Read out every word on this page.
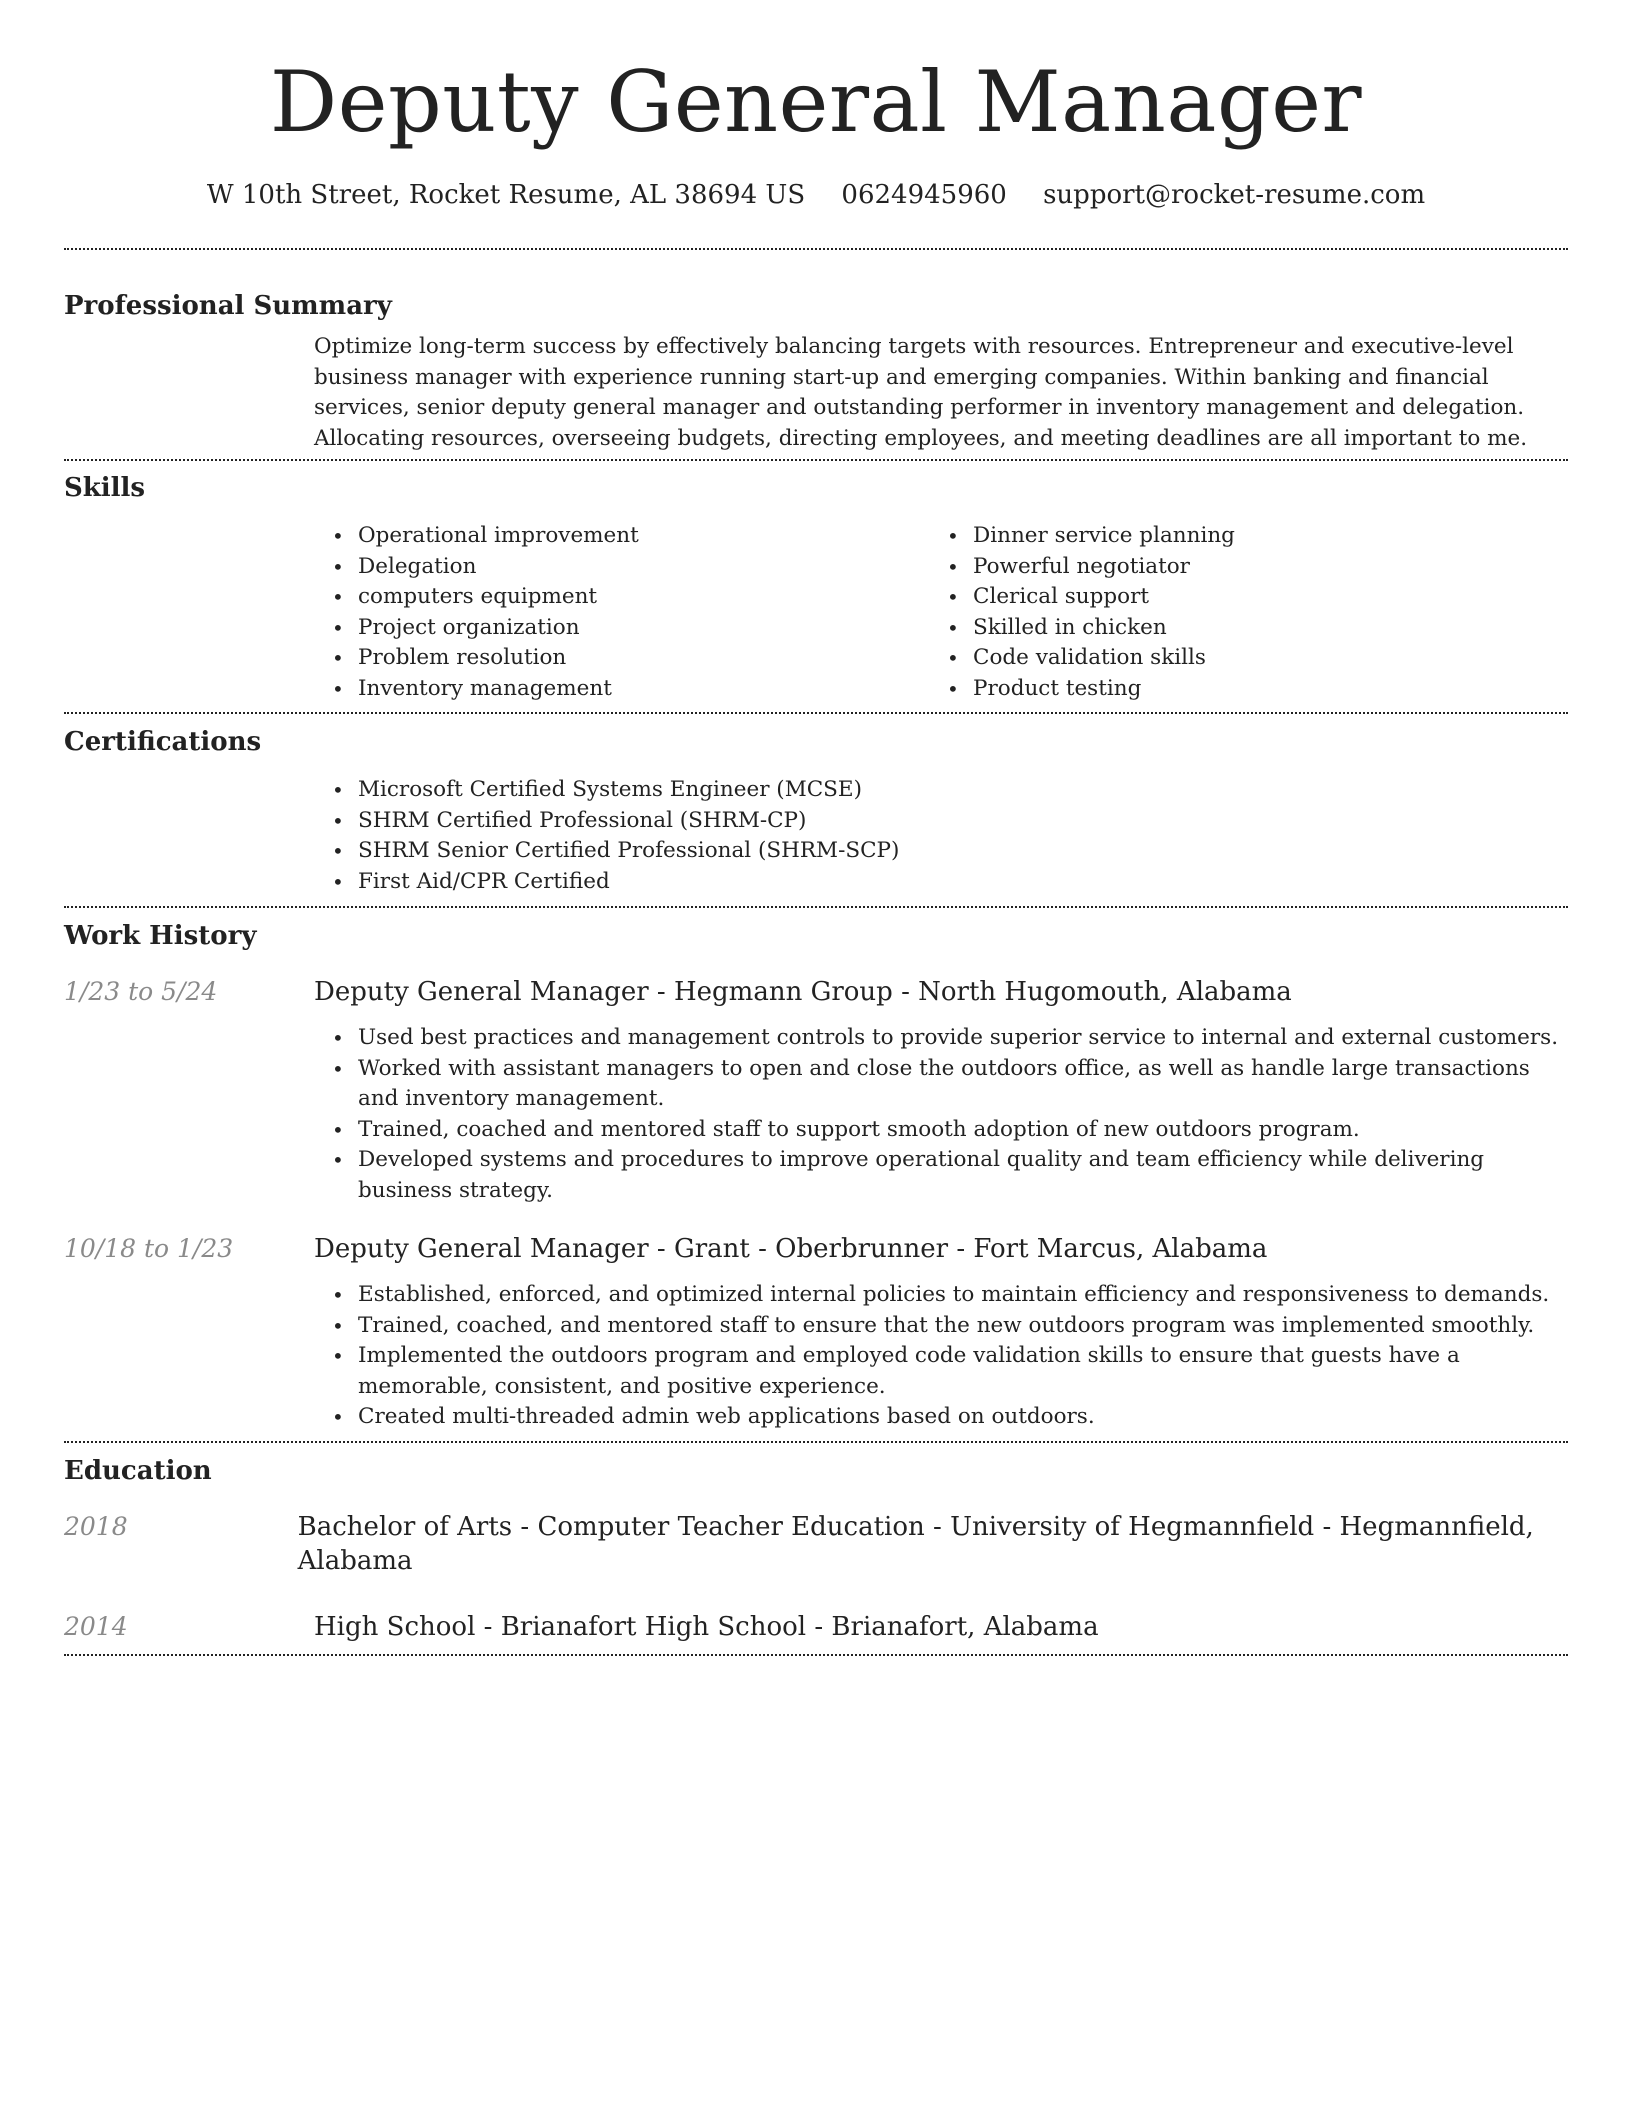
Deputy General Manager
W 10th Street, Rocket Resume, AL 38694 US 0624945960 support@rocket-resume.com
Professional Summary

Optimize long-term success by effectively balancing targets with resources. Entrepreneur and executive-level business manager with experience running start-up and emerging companies. Within banking and financial services, senior deputy general manager and outstanding performer in inventory management and delegation. Allocating resources, overseeing budgets, directing employees, and meeting deadlines are all important to me.

Skills
• Operational improvement
• Delegation
• computers equipment
• Project organization
• Problem resolution
• Inventory management
• Dinner service planning
• Powerful negotiator
• Clerical support
• Skilled in chicken
• Code validation skills
• Product testing
Certifications
• Microsoft Certified Systems Engineer (MCSE)
• SHRM Certified Professional (SHRM-CP)
• SHRM Senior Certified Professional (SHRM-SCP)
• First Aid/CPR Certified
Work History
1/23 to 5/24	Deputy General Manager - Hegmann Group - North Hugomouth, Alabama
• Used best practices and management controls to provide superior service to internal and external customers.
• Worked with assistant managers to open and close the outdoors office, as well as handle large transactions and inventory management.
• Trained, coached and mentored staff to support smooth adoption of new outdoors program.
• Developed systems and procedures to improve operational quality and team efficiency while delivering business strategy.
10/18 to 1/23	Deputy General Manager - Grant - Oberbrunner - Fort Marcus, Alabama
• Established, enforced, and optimized internal policies to maintain efficiency and responsiveness to demands.
• Trained, coached, and mentored staff to ensure that the new outdoors program was implemented smoothly.
• Implemented the outdoors program and employed code validation skills to ensure that guests have a memorable, consistent, and positive experience.
• Created multi-threaded admin web applications based on outdoors.
Education
2018	Bachelor of Arts - Computer Teacher Education - University of Hegmannfield - Hegmannfield, Alabama
2014	High School - Brianafort High School - Brianafort, Alabama
